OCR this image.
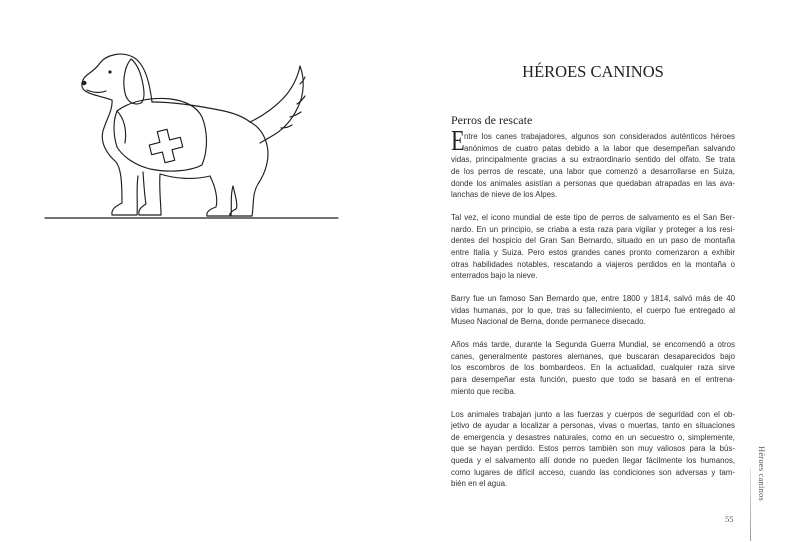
HÉROES CANINOS
Perros de rescate
E ntre los canes trabajadores, algunos son considerados auténticos héroes
anónimos de cuatro patas debido a la labor que desempeñan salvando
vidas, principalmente gracias a su extraordinario sentido del olfato. Se trata
de los perros de rescate, una labor que comenzó a desarrollarse en Suiza,
donde los animales asistían a personas que quedaban atrapadas en las ava-
lanchas de nieve de los Alpes.
Tal vez, el icono mundial de este tipo de perros de salvamento es el San Ber-
nardo. En un principio, se criaba a esta raza para vigilar y proteger a los resi-
dentes del hospicio del Gran San Bernardo, situado en un paso de montaña
entre Italia y Suiza. Pero estos grandes canes pronto comenzaron a exhibir
otras habilidades notables, rescatando a viajeros perdidos en la montaña o
enterrados bajo la nieve.
Barry fue un famoso San Bernardo que, entre 1800 y 1814, salvó más de 40
vidas humanas, por lo que, tras su fallecimiento, el cuerpo fue entregado al
Museo Nacional de Berna, donde permanece disecado.
Años más tarde, durante la Segunda Guerra Mundial, se encomendó a otros
canes, generalmente pastores alemanes, que buscaran desaparecidos bajo
los escombros de los bombardeos. En la actualidad, cualquier raza sirve
para desempeñar esta función, puesto que todo se basará en el entrena-
miento que reciba.
Los animales trabajan junto a las fuerzas y cuerpos de seguridad con el ob-
jetivo de ayudar a localizar a personas, vivas o muertas, tanto en situaciones
de emergencia y desastres naturales, como en un secuestro o, simplemente,
que se hayan perdido. Estos perros también son muy valiosos para la bús-
queda y el salvamento allí donde no pueden llegar fácilmente los humanos,
como lugares de difícil acceso, cuando las condiciones son adversas y tam-
bién en el agua.
55
Héroes caninos
